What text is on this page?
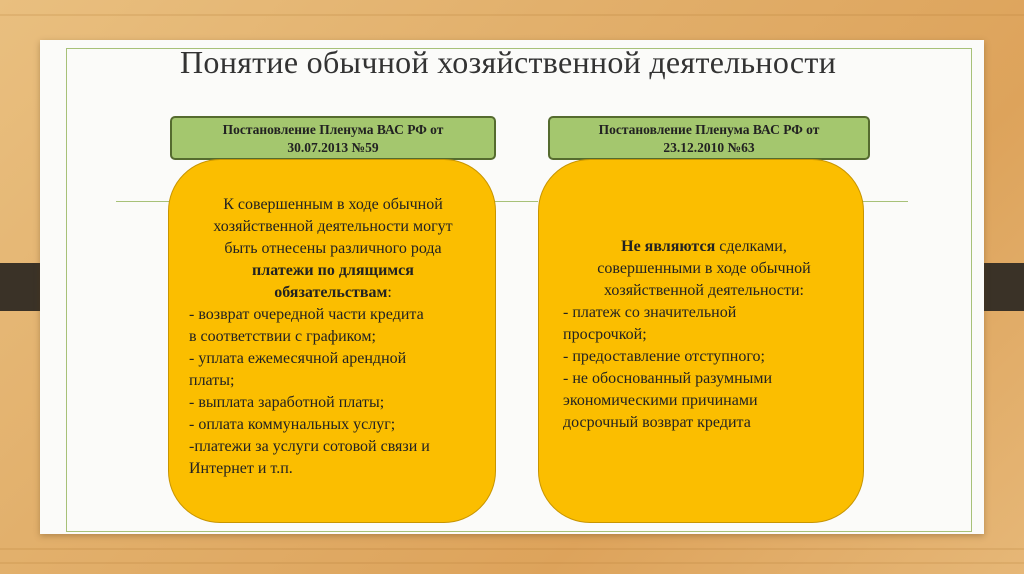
Понятие обычной хозяйственной деятельности
Постановление Пленума ВАС РФ от
30.07.2013 №59
Постановление Пленума ВАС РФ от
23.12.2010 №63
К совершенным в ходе обычной
хозяйственной деятельности могут
быть отнесены различного рода
платежи по длящимся
обязательствам:
- возврат очередной части кредита
в соответствии с графиком;
- уплата ежемесячной арендной
платы;
- выплата заработной платы;
- оплата коммунальных услуг;
-платежи за услуги сотовой связи и
Интернет и т.п.
Не являются сделками,
совершенными в ходе обычной
хозяйственной деятельности:
- платеж со значительной
просрочкой;
- предоставление отступного;
- не обоснованный разумными
экономическими причинами
досрочный возврат кредита
